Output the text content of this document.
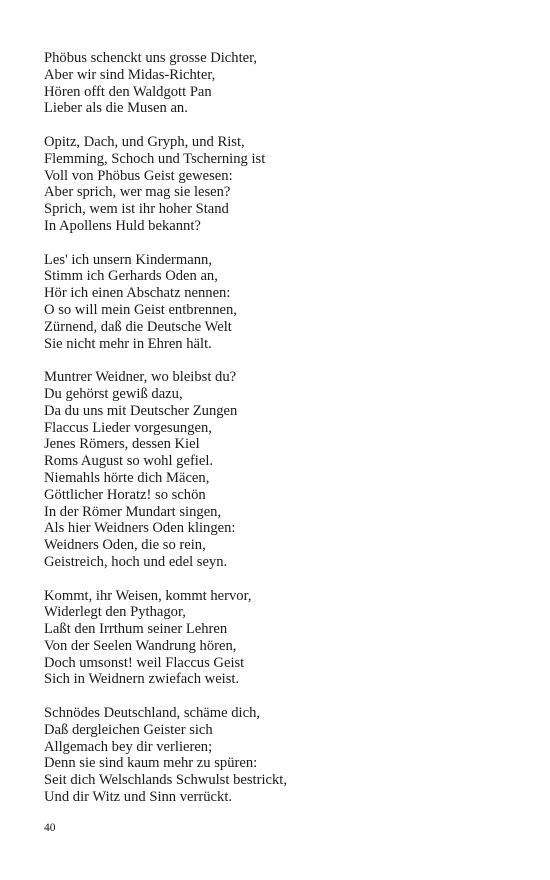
Phöbus schenckt uns grosse Dichter,
Aber wir sind Midas-Richter,
Hören offt den Waldgott Pan
Lieber als die Musen an.
Opitz, Dach, und Gryph, und Rist,
Flemming, Schoch und Tscherning ist
Voll von Phöbus Geist gewesen:
Aber sprich, wer mag sie lesen?
Sprich, wem ist ihr hoher Stand
In Apollens Huld bekannt?
Les' ich unsern Kindermann,
Stimm ich Gerhards Oden an,
Hör ich einen Abschatz nennen:
O so will mein Geist entbrennen,
Zürnend, daß die Deutsche Welt
Sie nicht mehr in Ehren hält.
Muntrer Weidner, wo bleibst du?
Du gehörst gewiß dazu,
Da du uns mit Deutscher Zungen
Flaccus Lieder vorgesungen,
Jenes Römers, dessen Kiel
Roms August so wohl gefiel.
Niemahls hörte dich Mäcen,
Göttlicher Horatz! so schön
In der Römer Mundart singen,
Als hier Weidners Oden klingen:
Weidners Oden, die so rein,
Geistreich, hoch und edel seyn.
Kommt, ihr Weisen, kommt hervor,
Widerlegt den Pythagor,
Laßt den Irrthum seiner Lehren
Von der Seelen Wandrung hören,
Doch umsonst! weil Flaccus Geist
Sich in Weidnern zwiefach weist.
Schnödes Deutschland, schäme dich,
Daß dergleichen Geister sich
Allgemach bey dir verlieren;
Denn sie sind kaum mehr zu spüren:
Seit dich Welschlands Schwulst bestrickt,
Und dir Witz und Sinn verrückt.
40
